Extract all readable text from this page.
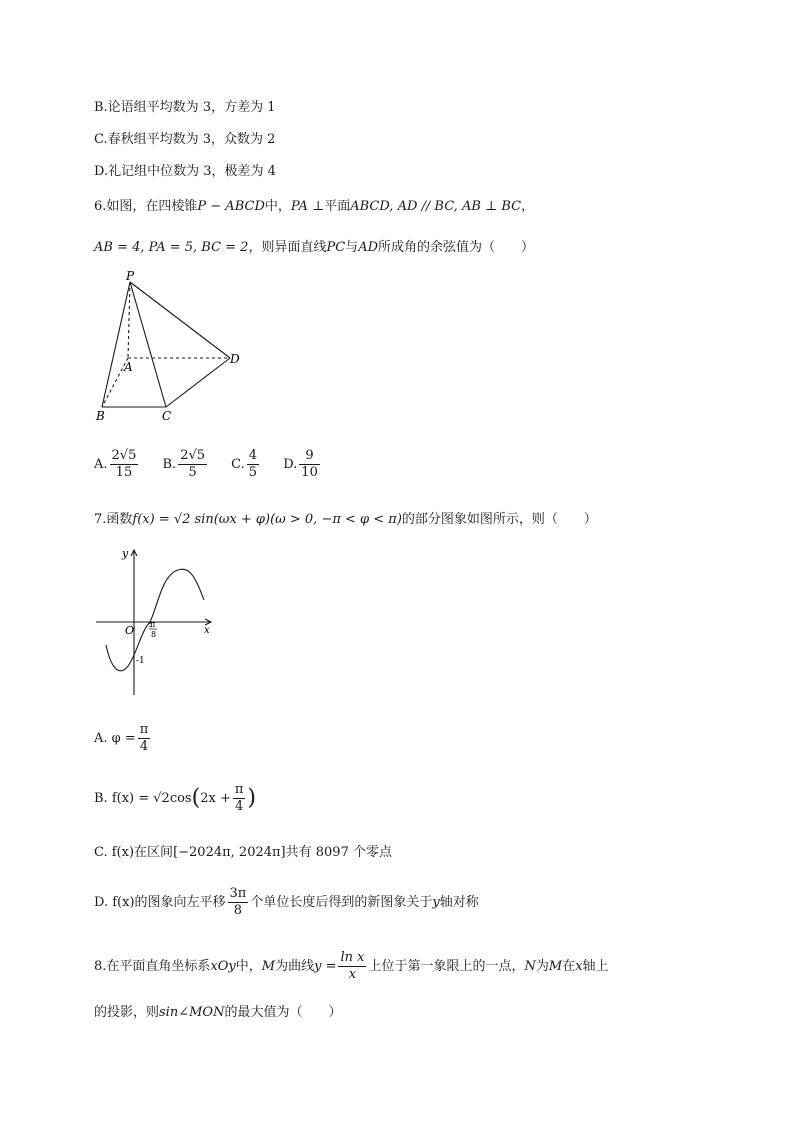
B.论语组平均数为 3，方差为 1
C.春秋组平均数为 3，众数为 2
D.礼记组中位数为 3，极差为 4
6.如图，在四棱锥P − ABCD中，PA ⊥平面ABCD, AD // BC, AB ⊥ BC，
AB = 4, PA = 5, BC = 2，则异面直线PC与AD所成角的余弦值为（　　）
P
A
B	C
D
A. $\frac{2√5}{15} B$. $\frac{2√5}{5} C$. $\frac{4}{5} D$. $\frac{9}{10}$
7.函数f(x) = √2 sin(ωx + φ)(ω > 0, −π < φ < π)的部分图象如图所示，则（　　）
y
x
O π
8
-1
A. $\varphi = \frac{\pi}{4}$
B. $f(x) = √2\cos(2x + \frac{\pi}{4}$ )
C. f(x)在区间[−2024π, 2024π]共有 8097 个零点
D. f(x)的图象向左平移 $\frac{3\pi}{8}$ 个单位长度后得到的新图象关于y轴对称
8.在平面直角坐标系xOy中，M为曲线$y = \frac{\text{ln x}}{x}$ 上位于第一象限上的一点，N为M在x轴上
的投影，则sin∠MON的最大值为（　　）
